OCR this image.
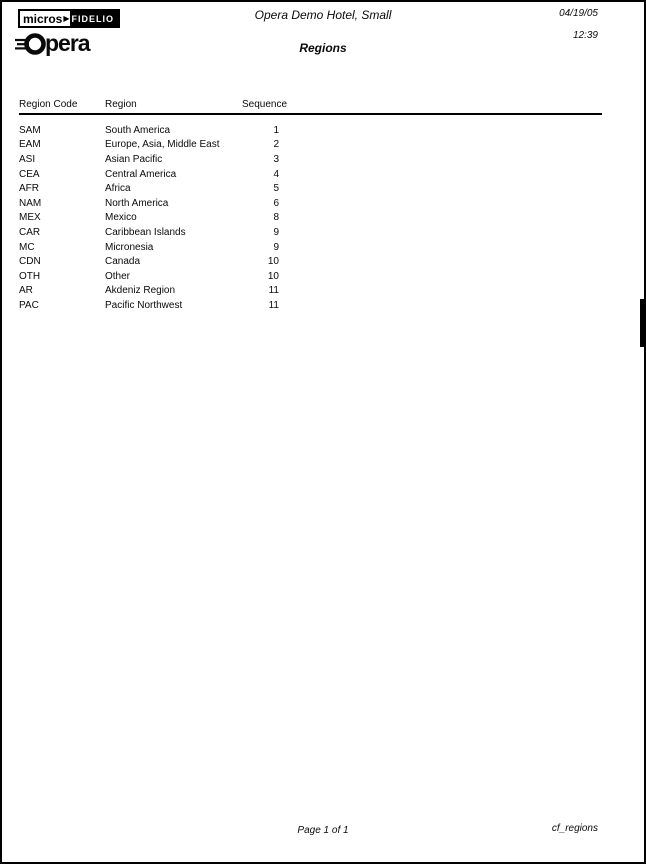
micros ▶ FIDELIO
pera
Opera Demo Hotel, Small
Regions
04/19/05
12:39
Region Code	Region	Sequence
SAM	South America	1
EAM	Europe, Asia, Middle East	2
ASI	Asian Pacific	3
CEA	Central America	4
AFR	Africa	5
NAM	North America	6
MEX	Mexico	8
CAR	Caribbean Islands	9
MC	Micronesia	9
CDN	Canada	10
OTH	Other	10
AR	Akdeniz Region	11
PAC	Pacific Northwest	11
Page 1 of 1	cf_regions
